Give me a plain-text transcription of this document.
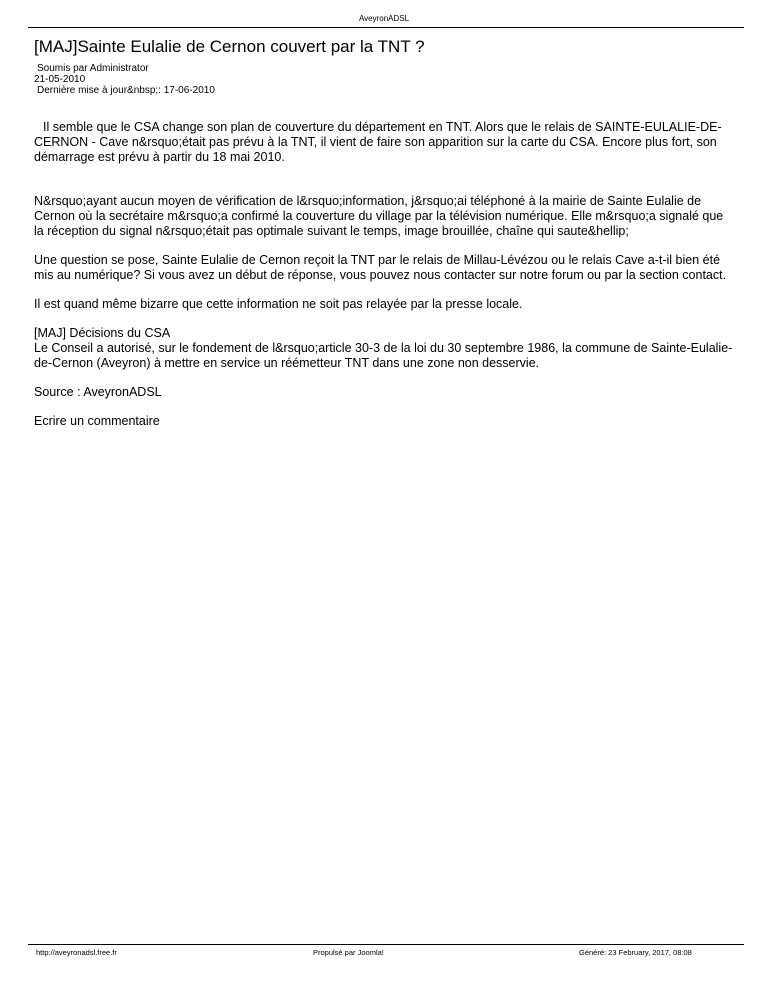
AveyronADSL
[MAJ]Sainte Eulalie de Cernon couvert par la TNT ?
Soumis par Administrator
21-05-2010
Dernière mise à jour&nbsp;: 17-06-2010

Il semble que le CSA change son plan de couverture du département en TNT. Alors que le relais de SAINTE-EULALIE-DE-CERNON - Cave n&rsquo;était pas prévu à la TNT, il vient de faire son apparition sur la carte du CSA. Encore plus fort, son démarrage est prévu à partir du 18 mai 2010.

N&rsquo;ayant aucun moyen de vérification de l&rsquo;information, j&rsquo;ai téléphoné à la mairie de Sainte Eulalie de Cernon où la secrétaire m&rsquo;a confirmé la couverture du village par la télévision numérique. Elle m&rsquo;a signalé que la réception du signal n&rsquo;était pas optimale suivant le temps, image brouillée, chaîne qui saute&hellip;

Une question se pose, Sainte Eulalie de Cernon reçoit la TNT par le relais de Millau-Lévézou ou le relais Cave a-t-il bien été mis au numérique? Si vous avez un début de réponse, vous pouvez nous contacter sur notre forum ou par la section contact.

Il est quand même bizarre que cette information ne soit pas relayée par la presse locale.

[MAJ] Décisions du CSA

Le Conseil a autorisé, sur le fondement de l&rsquo;article 30-3 de la loi du 30 septembre 1986, la commune de Sainte-Eulalie-de-Cernon (Aveyron) à mettre en service un réémetteur TNT dans une zone non desservie.

Source : AveyronADSL

Ecrire un commentaire

http://aveyronadsl.free.fr	Propulsé par Joomla!	Généré: 23 February, 2017, 08:08
